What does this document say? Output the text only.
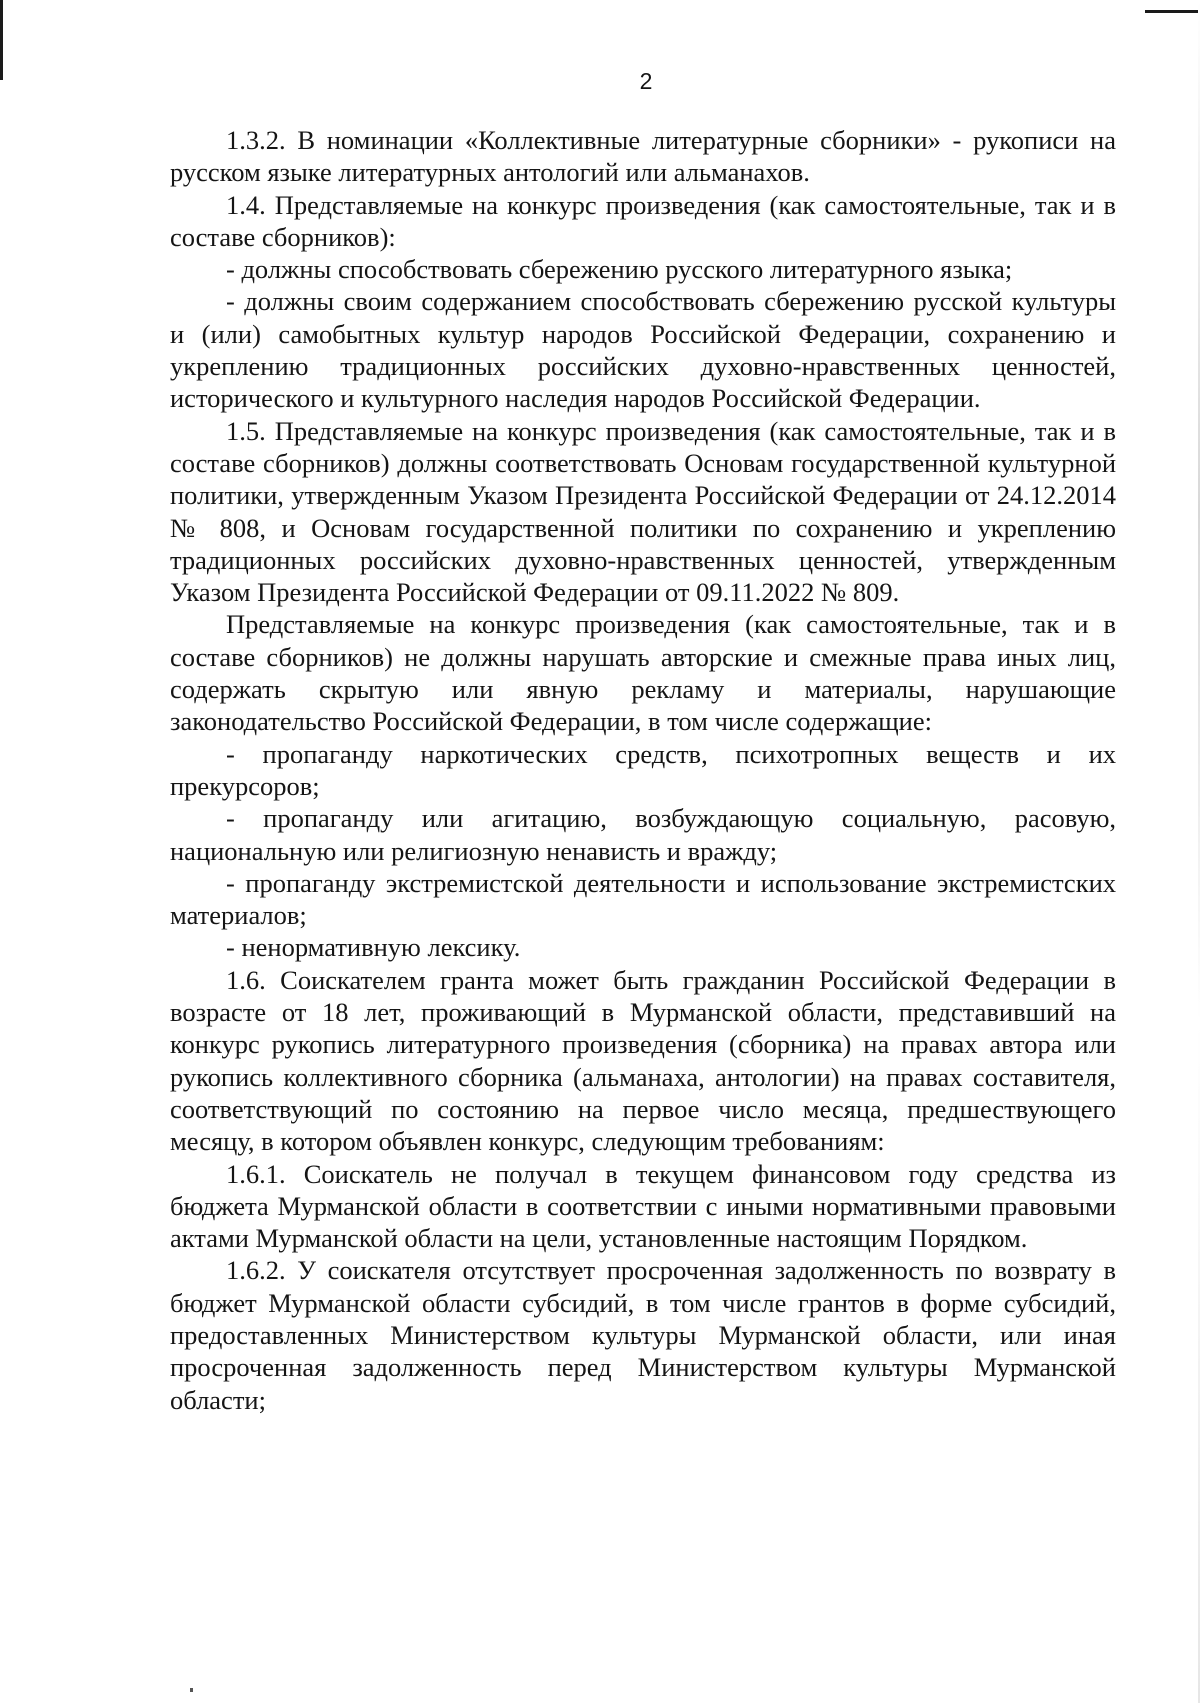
2

1.3.2. В номинации «Коллективные литературные сборники» - рукописи на русском языке литературных антологий или альманахов.

1.4. Представляемые на конкурс произведения (как самостоятельные, так и в составе сборников):

- должны способствовать сбережению русского литературного языка;

- должны своим содержанием способствовать сбережению русской культуры и (или) самобытных культур народов Российской Федерации, сохранению и укреплению традиционных российских духовно-нравственных ценностей, исторического и культурного наследия народов Российской Федерации.

1.5. Представляемые на конкурс произведения (как самостоятельные, так и в составе сборников) должны соответствовать Основам государственной культурной политики, утвержденным Указом Президента Российской Федерации от 24.12.2014 № 808, и Основам государственной политики по сохранению и укреплению традиционных российских духовно-нравственных ценностей, утвержденным Указом Президента Российской Федерации от 09.11.2022 № 809.

Представляемые на конкурс произведения (как самостоятельные, так и в составе сборников) не должны нарушать авторские и смежные права иных лиц, содержать скрытую или явную рекламу и материалы, нарушающие законодательство Российской Федерации, в том числе содержащие:

- пропаганду наркотических средств, психотропных веществ и их прекурсоров;

- пропаганду или агитацию, возбуждающую социальную, расовую, национальную или религиозную ненависть и вражду;

- пропаганду экстремистской деятельности и использование экстремистских материалов;

- ненормативную лексику.

1.6. Соискателем гранта может быть гражданин Российской Федерации в возрасте от 18 лет, проживающий в Мурманской области, представивший на конкурс рукопись литературного произведения (сборника) на правах автора или рукопись коллективного сборника (альманаха, антологии) на правах составителя, соответствующий по состоянию на первое число месяца, предшествующего месяцу, в котором объявлен конкурс, следующим требованиям:

1.6.1. Соискатель не получал в текущем финансовом году средства из бюджета Мурманской области в соответствии с иными нормативными правовыми актами Мурманской области на цели, установленные настоящим Порядком.

1.6.2. У соискателя отсутствует просроченная задолженность по возврату в бюджет Мурманской области субсидий, в том числе грантов в форме субсидий, предоставленных Министерством культуры Мурманской области, или иная просроченная задолженность перед Министерством культуры Мурманской области;
